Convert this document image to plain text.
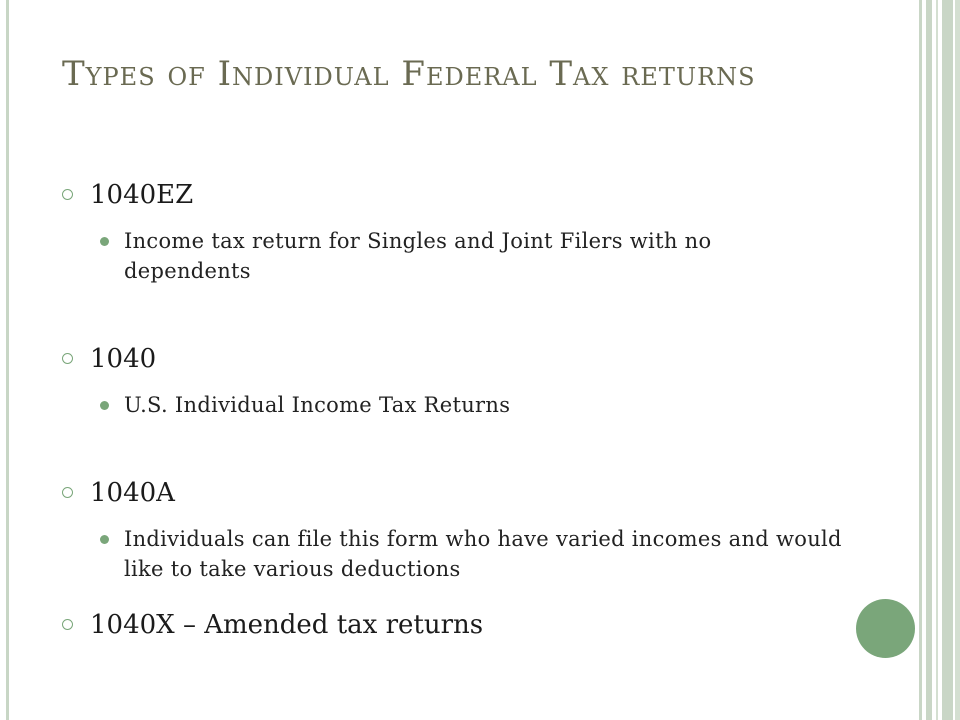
Types of Individual Federal Tax returns
1040EZ
Income tax return for Singles and Joint Filers with no dependents
1040
U.S. Individual Income Tax Returns
1040A
Individuals can file this form who have varied incomes and would like to take various deductions
1040X – Amended tax returns
